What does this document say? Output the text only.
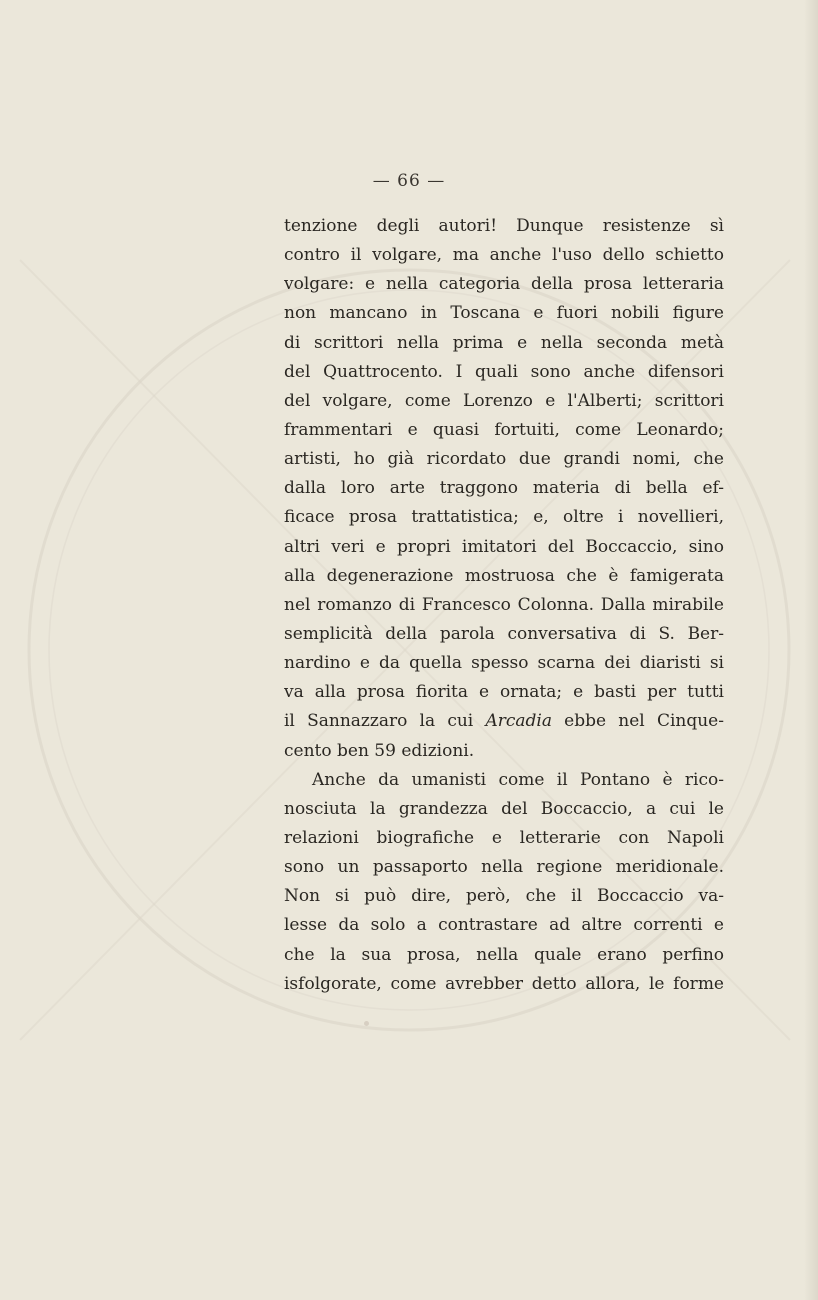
— 66 —
tenzione degli autori! Dunque resistenze sì
contro il volgare, ma anche l'uso dello schietto
volgare: e nella categoria della prosa letteraria
non mancano in Toscana e fuori nobili figure
di scrittori nella prima e nella seconda metà
del Quattrocento. I quali sono anche difensori
del volgare, come Lorenzo e l'Alberti; scrittori
frammentari e quasi fortuiti, come Leonardo;
artisti, ho già ricordato due grandi nomi, che
dalla loro arte traggono materia di bella ef-
ficace prosa trattatistica; e, oltre i novellieri,
altri veri e propri imitatori del Boccaccio, sino
alla degenerazione mostruosa che è famigerata
nel romanzo di Francesco Colonna. Dalla mirabile
semplicità della parola conversativa di S. Ber-
nardino e da quella spesso scarna dei diaristi si
va alla prosa fiorita e ornata; e basti per tutti
il Sannazzaro la cui Arcadia ebbe nel Cinque-
cento ben 59 edizioni.
Anche da umanisti come il Pontano è rico-
nosciuta la grandezza del Boccaccio, a cui le
relazioni biografiche e letterarie con Napoli
sono un passaporto nella regione meridionale.
Non si può dire, però, che il Boccaccio va-
lesse da solo a contrastare ad altre correnti e
che la sua prosa, nella quale erano perfino
isfolgorate, come avrebber detto allora, le forme
